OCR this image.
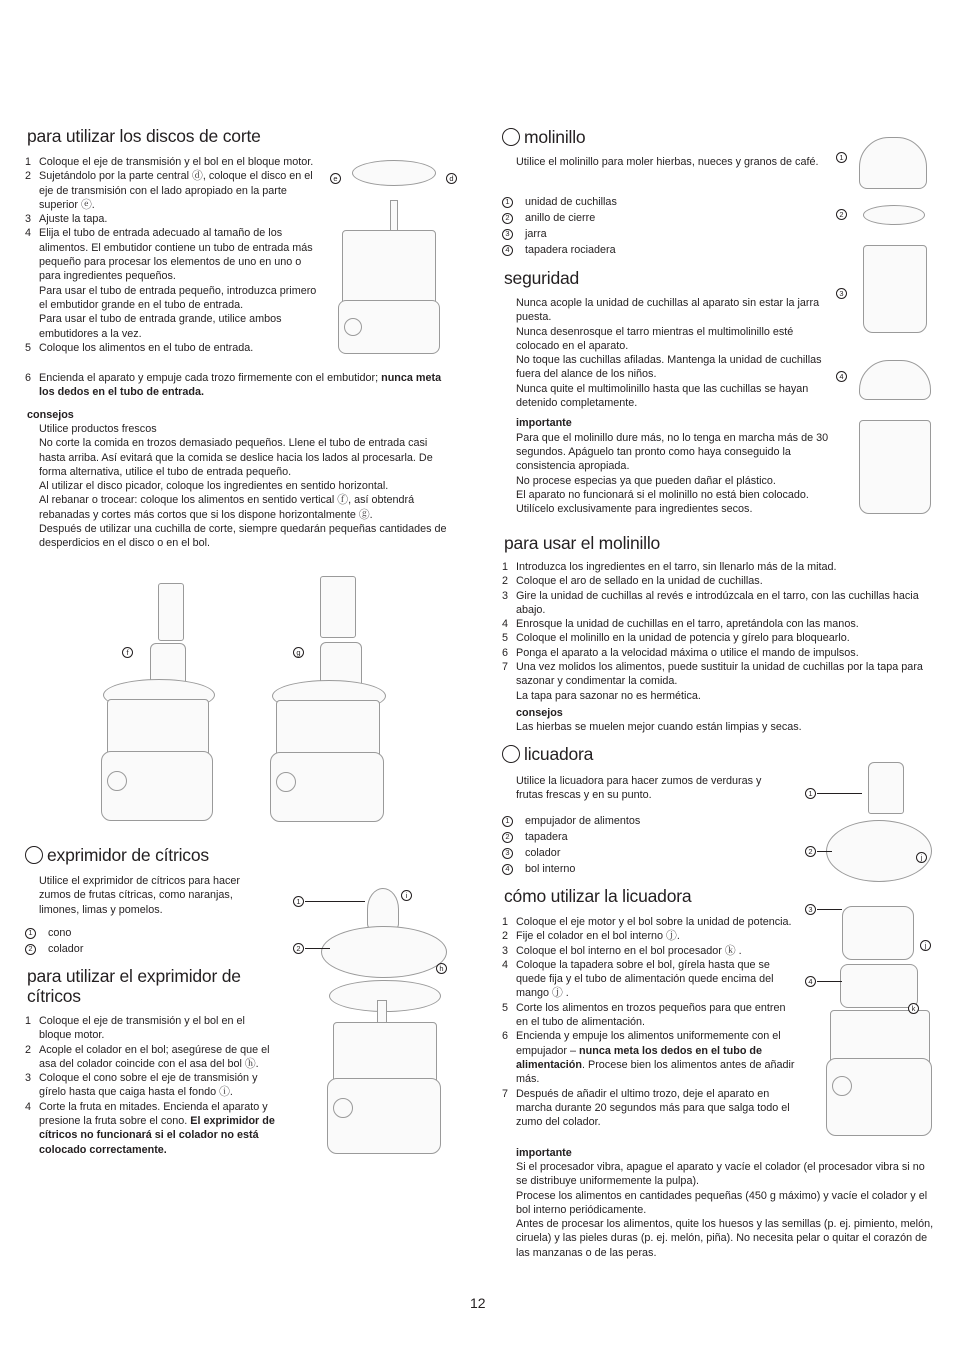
para utilizar los discos de corte
1 Coloque el eje de transmisión y el bol en el bloque motor.
2 Sujetándolo por la parte central ⓓ, coloque el disco en el eje de transmisión con el lado apropiado en la parte superior ⓔ.
3 Ajuste la tapa.
4 Elija el tubo de entrada adecuado al tamaño de los alimentos. El embutidor contiene un tubo de entrada más pequeño para procesar los elementos de uno en uno o para ingredientes pequeños.
Para usar el tubo de entrada pequeño, introduzca primero el embutidor grande en el tubo de entrada.
Para usar el tubo de entrada grande, utilice ambos embutidores a la vez.
5 Coloque los alimentos en el tubo de entrada.
6 Encienda el aparato y empuje cada trozo firmemente con el embutidor; nunca meta los dedos en el tubo de entrada.
consejos
Utilice productos frescos
No corte la comida en trozos demasiado pequeños. Llene el tubo de entrada casi hasta arriba. Así evitará que la comida se deslice hacia los lados al procesarla. De forma alternativa, utilice el tubo de entrada pequeño.
Al utilizar el disco picador, coloque los ingredientes en sentido horizontal.
Al rebanar o trocear: coloque los alimentos en sentido vertical ⓕ, así obtendrá rebanadas y cortes más cortos que si los dispone horizontalmente ⓖ.
Después de utilizar una cuchilla de corte, siempre quedarán pequeñas cantidades de desperdicios en el disco o en el bol.
e	d
f	g
exprimidor de cítricos
Utilice el exprimidor de cítricos para hacer zumos de frutas cítricas, como naranjas, limones, limas y pomelos.
1	cono
2	colador
para utilizar el exprimidor de cítricos
1 Coloque el eje de transmisión y el bol en el bloque motor.
2 Acople el colador en el bol; asegúrese de que el asa del colador coincide con el asa del bol ⓗ.
3 Coloque el cono sobre el eje de transmisión y gírelo hasta que caiga hasta el fondo ⓘ.
4 Corte la fruta en mitades. Encienda el aparato y presione la fruta sobre el cono. El exprimidor de cítricos no funcionará si el colador no está colocado correctamente.
1
2
i
h
molinillo
Utilice el molinillo para moler hierbas, nueces y granos de café.
1	unidad de cuchillas
2	anillo de cierre
3	jarra
4	tapadera rociadera
1
2
3
4
seguridad
Nunca acople la unidad de cuchillas al aparato sin estar la jarra puesta.
Nunca desenrosque el tarro mientras el multimolinillo esté colocado en el aparato.
No toque las cuchillas afiladas. Mantenga la unidad de cuchillas fuera del alance de los niños.
Nunca quite el multimolinillo hasta que las cuchillas se hayan detenido completamente.
importante
Para que el molinillo dure más, no lo tenga en marcha más de 30 segundos. Apáguelo tan pronto como haya conseguido la consistencia apropiada.
No procese especias ya que pueden dañar el plástico.
El aparato no funcionará si el molinillo no está bien colocado.
Utilícelo exclusivamente para ingredientes secos.
para usar el molinillo
1 Introduzca los ingredientes en el tarro, sin llenarlo más de la mitad.
2 Coloque el aro de sellado en la unidad de cuchillas.
3 Gire la unidad de cuchillas al revés e introdúzcala en el tarro, con las cuchillas hacia abajo.
4 Enrosque la unidad de cuchillas en el tarro, apretándola con las manos.
5 Coloque el molinillo en la unidad de potencia y gírelo para bloquearlo.
6 Ponga el aparato a la velocidad máxima o utilice el mando de impulsos.
7 Una vez molidos los alimentos, puede sustituir la unidad de cuchillas por la tapa para sazonar y condimentar la comida.
La tapa para sazonar no es hermética.
consejos
Las hierbas se muelen mejor cuando están limpias y secas.
licuadora
Utilice la licuadora para hacer zumos de verduras y frutas frescas y en su punto.
1	empujador de alimentos
2	tapadera
3	colador
4	bol interno
cómo utilizar la licuadora
1 Coloque el eje motor y el bol sobre la unidad de potencia.
2 Fije el colador en el bol interno ⓙ.
3 Coloque el bol interno en el bol procesador ⓚ .
4 Coloque la tapadera sobre el bol, gírela hasta que se quede fija y el tubo de alimentación quede encima del mango ⓙ .
5 Corte los alimentos en trozos pequeños para que entren en el tubo de alimentación.
6 Encienda y empuje los alimentos uniformemente con el empujador – nunca meta los dedos en el tubo de alimentación. Procese bien los alimentos antes de añadir más.
7 Después de añadir el ultimo trozo, deje el aparato en marcha durante 20 segundos más para que salga todo el zumo del colador.
importante
Si el procesador vibra, apague el aparato y vacíe el colador (el procesador vibra si no se distribuye uniformemente la pulpa).
Procese los alimentos en cantidades pequeñas (450 g máximo) y vacíe el colador y el bol interno periódicamente.
Antes de procesar los alimentos, quite los huesos y las semillas (p. ej. pimiento, melón, ciruela) y las pieles duras (p. ej. melón, piña). No necesita pelar o quitar el corazón de las manzanas o de las peras.
1
2
3
4
j
j
k
12
